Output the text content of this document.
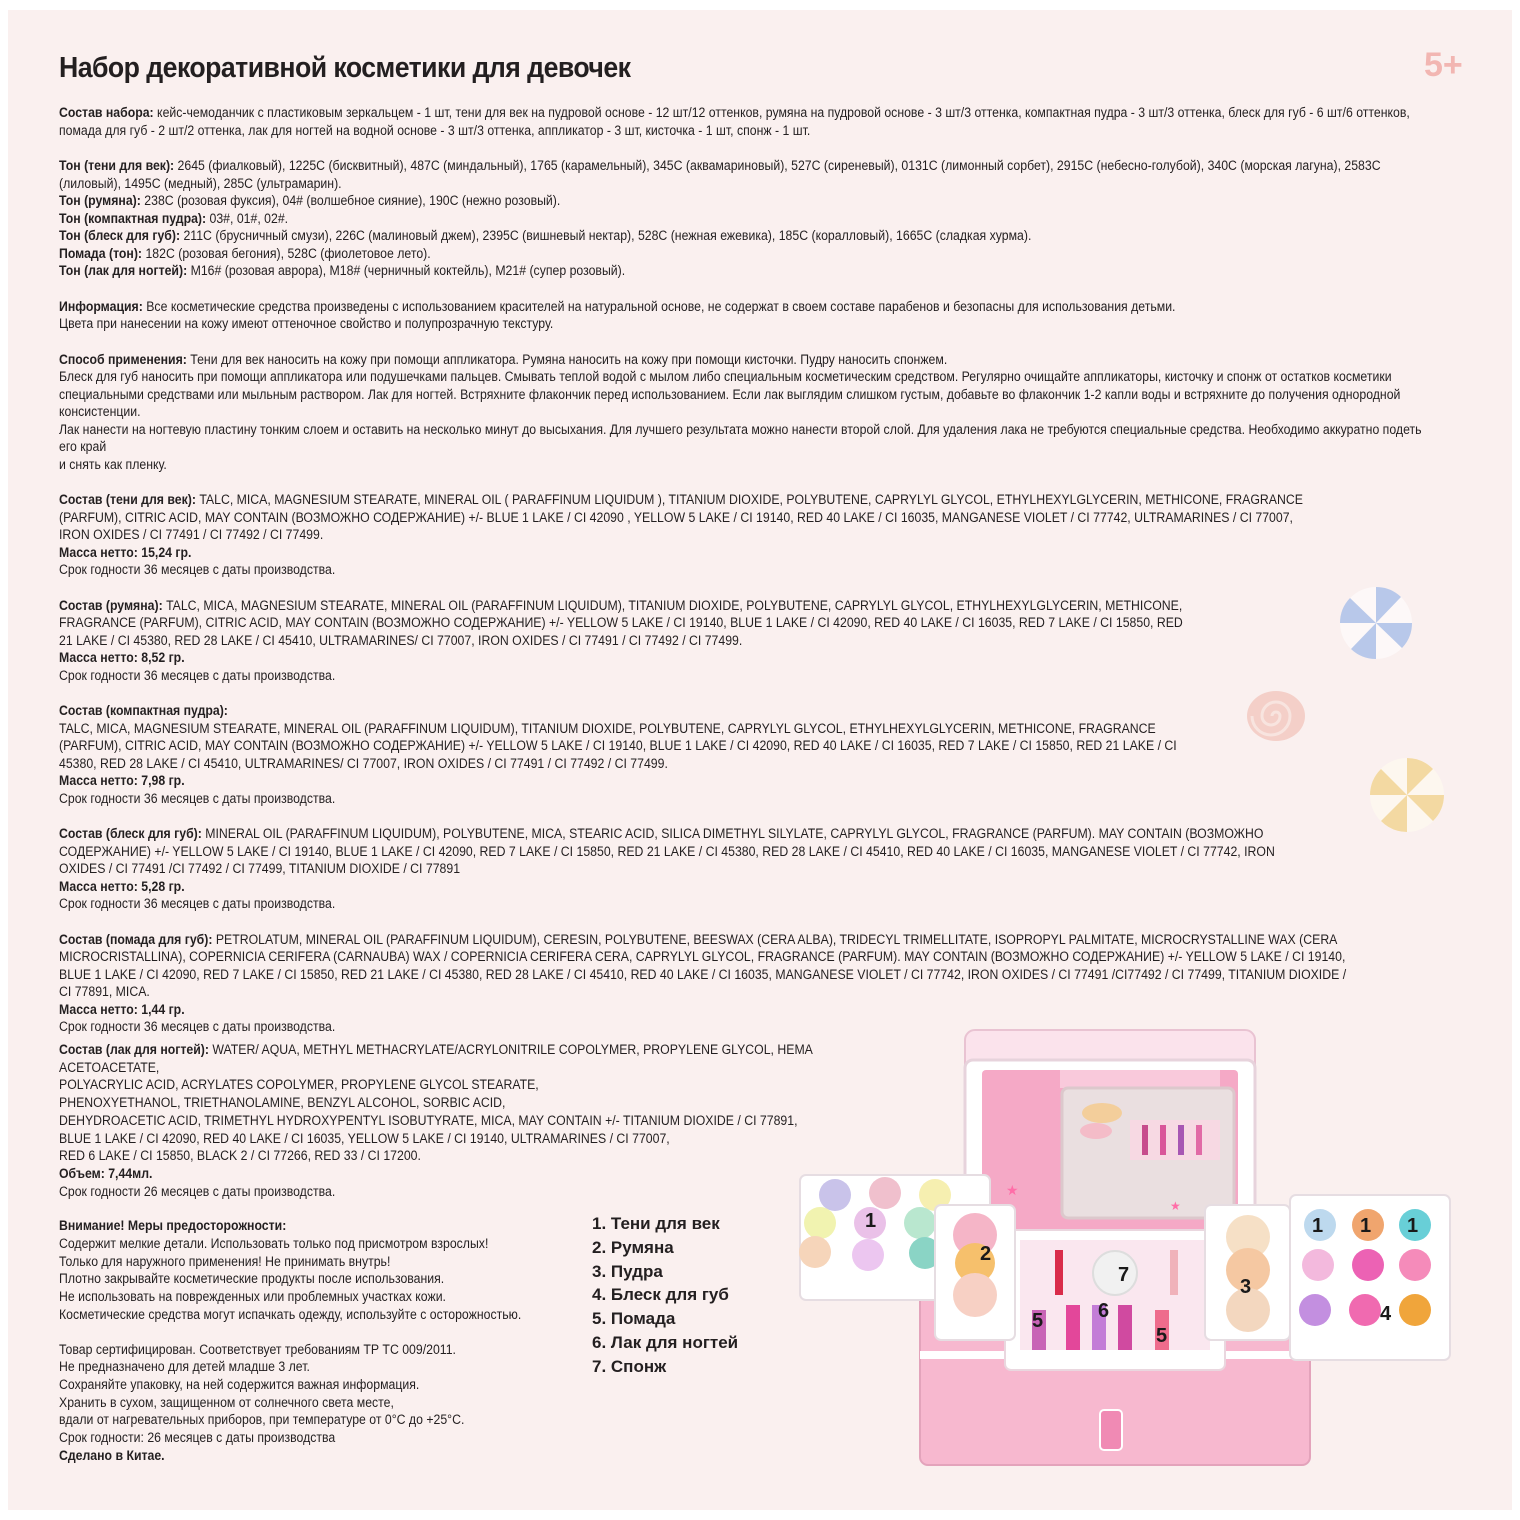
Набор декоративной косметики для девочек	5+

Состав набора: кейс-чемоданчик с пластиковым зеркальцем - 1 шт, тени для век на пудровой основе - 12 шт/12 оттенков, румяна на пудровой основе - 3 шт/3 оттенка, компактная пудра - 3 шт/3 оттенка, блеск для губ - 6 шт/6 оттенков, помада для губ - 2 шт/2 оттенка, лак для ногтей на водной основе - 3 шт/3 оттенка, аппликатор - 3 шт, кисточка - 1 шт, спонж - 1 шт.

Тон (тени для век): 2645 (фиалковый), 1225C (бисквитный), 487C (миндальный), 1765 (карамельный), 345C (аквамариновый), 527C (сиреневый), 0131C (лимонный сорбет), 2915C (небесно-голубой), 340C (морская лагуна), 2583C (лиловый), 1495C (медный), 285C (ультрамарин).

Тон (румяна): 238C (розовая фуксия), 04# (волшебное сияние), 190C (нежно розовый).

Тон (компактная пудра): 03#, 01#, 02#.

Тон (блеск для губ): 211C (брусничный смузи), 226C (малиновый джем), 2395C (вишневый нектар), 528C (нежная ежевика), 185C (коралловый), 1665C (сладкая хурма).

Помада (тон): 182C (розовая бегония), 528C (фиолетовое лето).

Тон (лак для ногтей): M16# (розовая аврора), M18# (черничный коктейль), M21# (супер розовый).

Информация: Все косметические средства произведены с использованием красителей на натуральной основе, не содержат в своем составе парабенов и безопасны для использования детьми.

Цвета при нанесении на кожу имеют оттеночное свойство и полупрозрачную текстуру.

Способ применения: Тени для век наносить на кожу при помощи аппликатора. Румяна наносить на кожу при помощи кисточки. Пудру наносить спонжем.

Блеск для губ наносить при помощи аппликатора или подушечками пальцев. Смывать теплой водой с мылом либо специальным косметическим средством. Регулярно очищайте аппликаторы, кисточку и спонж от остатков косметики специальными средствами или мыльным раствором. Лак для ногтей. Встряхните флакончик перед использованием. Если лак выглядим слишком густым, добавьте во флакончик 1-2 капли воды и встряхните до получения однородной консистенции.

Лак нанести на ногтевую пластину тонким слоем и оставить на несколько минут до высыхания. Для лучшего результата можно нанести второй слой. Для удаления лака не требуются специальные средства. Необходимо аккуратно подеть его край

и снять как пленку.

Состав (тени для век): TALC, MICA, MAGNESIUM STEARATE, MINERAL OIL ( PARAFFINUM LIQUIDUM ), TITANIUM DIOXIDE, POLYBUTENE, CAPRYLYL GLYCOL, ETHYLHEXYLGLYCERIN, METHICONE, FRAGRANCE (PARFUM), CITRIC ACID, MAY CONTAIN (ВОЗМОЖНО СОДЕРЖАНИЕ) +/- BLUE 1 LAKE / CI 42090 , YELLOW 5 LAKE / CI 19140, RED 40 LAKE / CI 16035, MANGANESE VIOLET / CI 77742, ULTRAMARINES / CI 77007, IRON OXIDES / CI 77491 / CI 77492 / CI 77499.

Масса нетто: 15,24 гр.

Срок годности 36 месяцев с даты производства.

Состав (румяна): TALC, MICA, MAGNESIUM STEARATE, MINERAL OIL (PARAFFINUM LIQUIDUM), TITANIUM DIOXIDE, POLYBUTENE, CAPRYLYL GLYCOL, ETHYLHEXYLGLYCERIN, METHICONE, FRAGRANCE (PARFUM), CITRIC ACID, MAY CONTAIN (ВОЗМОЖНО СОДЕРЖАНИЕ) +/- YELLOW 5 LAKE / CI 19140, BLUE 1 LAKE / CI 42090, RED 40 LAKE / CI 16035, RED 7 LAKE / CI 15850, RED 21 LAKE / CI 45380, RED 28 LAKE / CI 45410, ULTRAMARINES/ CI 77007, IRON OXIDES / CI 77491 / CI 77492 / CI 77499.

Масса нетто: 8,52 гр.

Срок годности 36 месяцев с даты производства.

Состав (компактная пудра):

TALC, MICA, MAGNESIUM STEARATE, MINERAL OIL (PARAFFINUM LIQUIDUM), TITANIUM DIOXIDE, POLYBUTENE, CAPRYLYL GLYCOL, ETHYLHEXYLGLYCERIN, METHICONE, FRAGRANCE (PARFUM), CITRIC ACID, MAY CONTAIN (ВОЗМОЖНО СОДЕРЖАНИЕ) +/- YELLOW 5 LAKE / CI 19140, BLUE 1 LAKE / CI 42090, RED 40 LAKE / CI 16035, RED 7 LAKE / CI 15850, RED 21 LAKE / CI 45380, RED 28 LAKE / CI 45410, ULTRAMARINES/ CI 77007, IRON OXIDES / CI 77491 / CI 77492 / CI 77499.

Масса нетто: 7,98 гр.

Срок годности 36 месяцев с даты производства.

Состав (блеск для губ): MINERAL OIL (PARAFFINUM LIQUIDUM), POLYBUTENE, MICA, STEARIC ACID, SILICA DIMETHYL SILYLATE, CAPRYLYL GLYCOL, FRAGRANCE (PARFUM). MAY CONTAIN (ВОЗМОЖНО СОДЕРЖАНИЕ) +/- YELLOW 5 LAKE / CI 19140, BLUE 1 LAKE / CI 42090, RED 7 LAKE / CI 15850, RED 21 LAKE / CI 45380, RED 28 LAKE / CI 45410, RED 40 LAKE / CI 16035, MANGANESE VIOLET / CI 77742, IRON OXIDES / CI 77491 /CI 77492 / CI 77499, TITANIUM DIOXIDE / CI 77891

Масса нетто: 5,28 гр.

Срок годности 36 месяцев с даты производства.

Состав (помада для губ): PETROLATUM, MINERAL OIL (PARAFFINUM LIQUIDUM), CERESIN, POLYBUTENE, BEESWAX (CERA ALBA), TRIDECYL TRIMELLITATE, ISOPROPYL PALMITATE, MICROCRYSTALLINE WAX (CERA MICROCRISTALLINA), COPERNICIA CERIFERA (CARNAUBA) WAX / COPERNICIA CERIFERA CERA, CAPRYLYL GLYCOL, FRAGRANCE (PARFUM). MAY CONTAIN (ВОЗМОЖНО СОДЕРЖАНИЕ) +/- YELLOW 5 LAKE / CI 19140, BLUE 1 LAKE / CI 42090, RED 7 LAKE / CI 15850, RED 21 LAKE / CI 45380, RED 28 LAKE / CI 45410, RED 40 LAKE / CI 16035, MANGANESE VIOLET / CI 77742, IRON OXIDES / CI 77491 /CI77492 / CI 77499, TITANIUM DIOXIDE / CI 77891, MICA.

Масса нетто: 1,44 гр.

Срок годности 36 месяцев с даты производства.

Состав (лак для ногтей): WATER/ AQUA, METHYL METHACRYLATE/ACRYLONITRILE COPOLYMER, PROPYLENE GLYCOL, HEMA ACETOACETATE,

POLYACRYLIC ACID, ACRYLATES COPOLYMER, PROPYLENE GLYCOL STEARATE,

PHENOXYETHANOL, TRIETHANOLAMINE, BENZYL ALCOHOL, SORBIC ACID,

DEHYDROACETIC ACID, TRIMETHYL HYDROXYPENTYL ISOBUTYRATE, MICA, MAY CONTAIN +/- TITANIUM DIOXIDE / CI 77891,

BLUE 1 LAKE / CI 42090, RED 40 LAKE / CI 16035, YELLOW 5 LAKE / CI 19140, ULTRAMARINES / CI 77007,

RED 6 LAKE / CI 15850, BLACK 2 / CI 77266, RED 33 / CI 17200.

Объем: 7,44мл.

Срок годности 26 месяцев с даты производства.

Внимание! Меры предосторожности:

Содержит мелкие детали. Использовать только под присмотром взрослых!

Только для наружного применения! Не принимать внутрь!

Плотно закрывайте косметические продукты после использования.

Не использовать на поврежденных или проблемных участках кожи.

Косметические средства могут испачкать одежду, используйте с осторожностью.

Товар сертифицирован. Соответствует требованиям ТР ТС 009/2011.

Не предназначено для детей младше 3 лет.

Сохраняйте упаковку, на ней содержится важная информация.

Хранить в сухом, защищенном от солнечного света месте,

вдали от нагревательных приборов, при температуре от 0°С до +25°С.

Срок годности: 26 месяцев с даты производства

Сделано в Китае.

1. Тени для век
2. Румяна
3. Пудра
4. Блеск для губ
5. Помада
6. Лак для ногтей
7. Спонж
★
★
1
2
3
4
5	6
7
1 1 1
5
